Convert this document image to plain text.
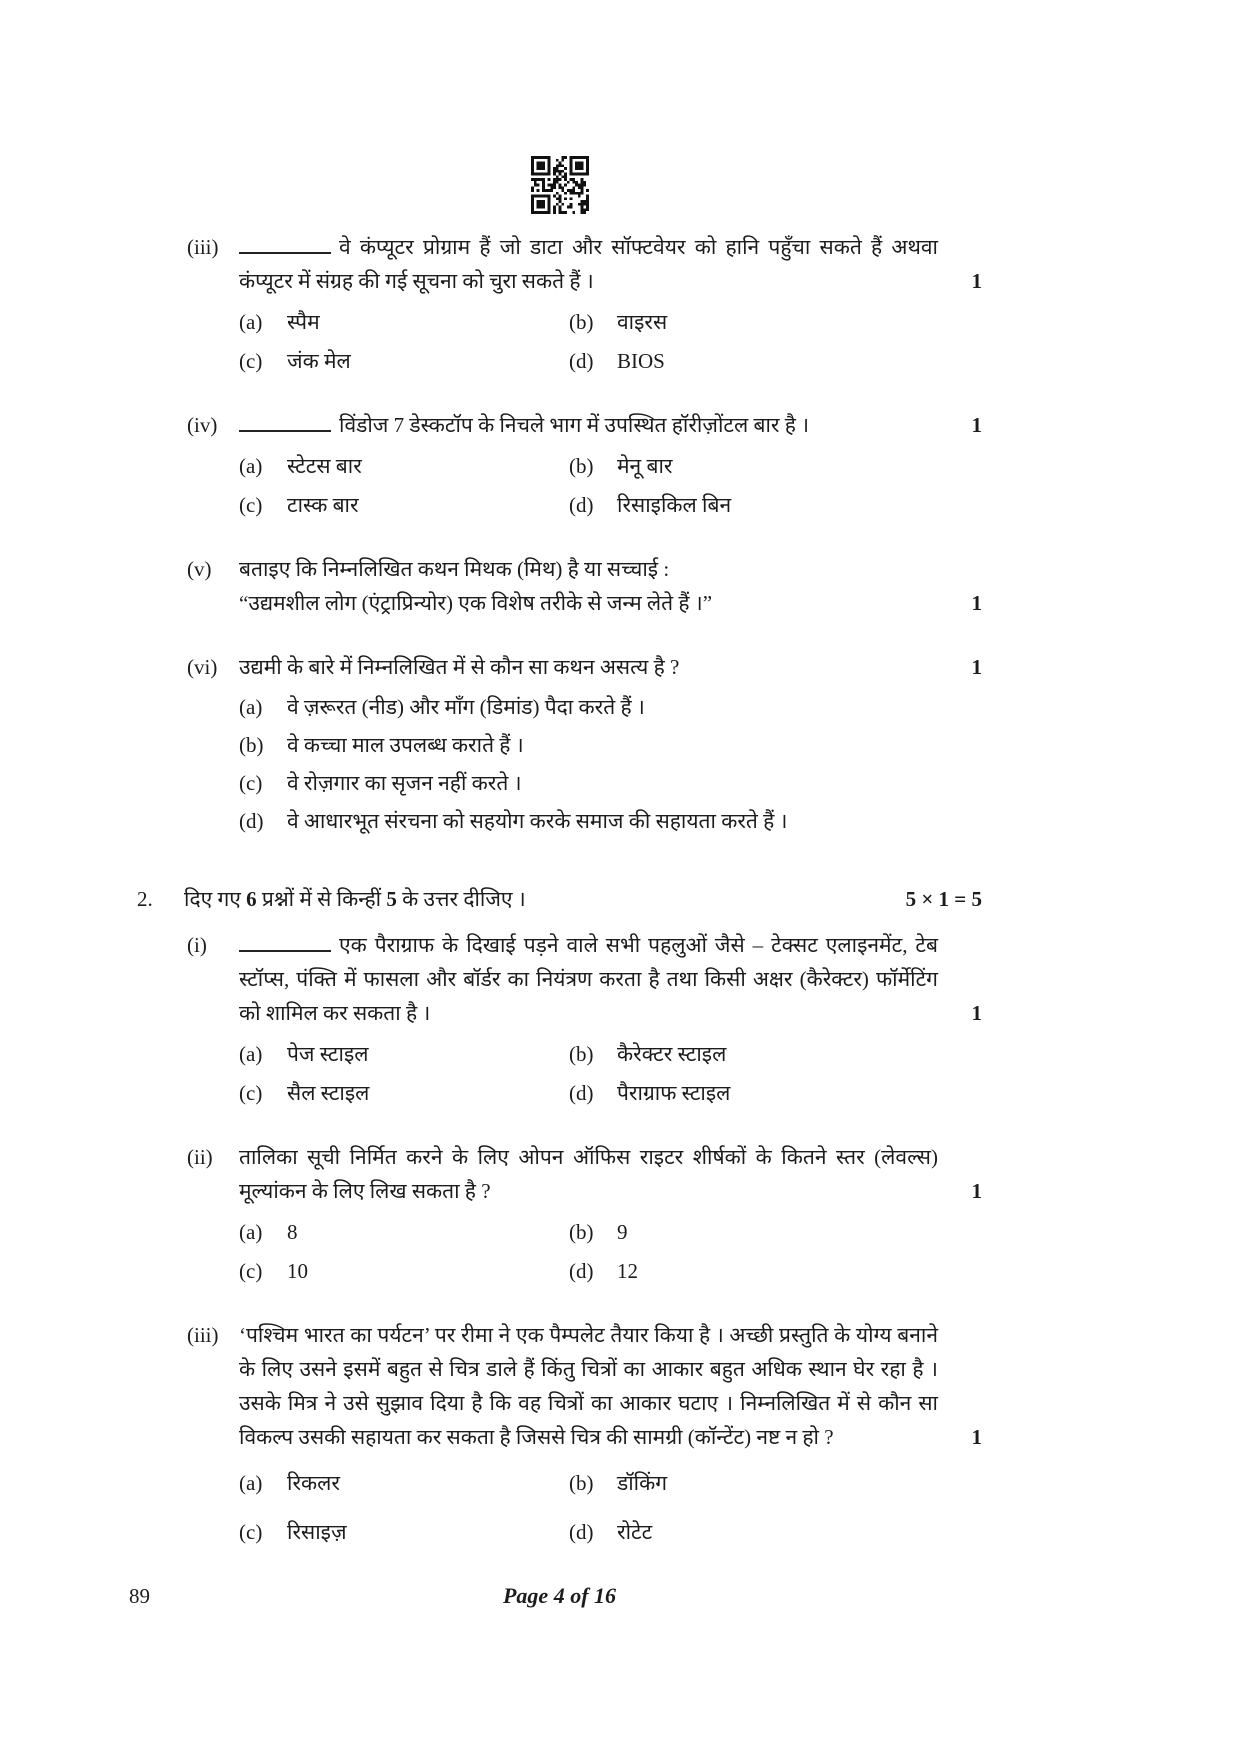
(iii)	वे कंप्यूटर प्रोग्राम हैं जो डाटा और सॉफ्टवेयर को हानि पहुँचा सकते हैं अथवा कंप्यूटर में संग्रह की गई सूचना को चुरा सकते हैं ।	1
(a)	स्पैम	(b)	वाइरस
(c)	जंक मेल	(d)	BIOS
(iv)	विंडोज 7 डेस्कटॉप के निचले भाग में उपस्थित हॉरीज़ोंटल बार है ।	1
(a)	स्टेटस बार	(b)	मेनू बार
(c)	टास्क बार	(d)	रिसाइकिल बिन
(v)	बताइए कि निम्नलिखित कथन मिथक (मिथ) है या सच्चाई :
“उद्यमशील लोग (एंट्राप्रिन्योर) एक विशेष तरीके से जन्म लेते हैं ।”	1
(vi)	उद्यमी के बारे में निम्नलिखित में से कौन सा कथन असत्य है ?	1
(a)	वे ज़रूरत (नीड) और माँग (डिमांड) पैदा करते हैं ।
(b)	वे कच्चा माल उपलब्ध कराते हैं ।
(c)	वे रोज़गार का सृजन नहीं करते ।
(d)	वे आधारभूत संरचना को सहयोग करके समाज की सहायता करते हैं ।
2.	दिए गए 6 प्रश्नों में से किन्हीं 5 के उत्तर दीजिए ।	5 × 1 = 5
(i)	एक पैराग्राफ के दिखाई पड़ने वाले सभी पहलुओं जैसे – टेक्सट एलाइनमेंट, टेब स्टॉप्स, पंक्ति में फासला और बॉर्डर का नियंत्रण करता है तथा किसी अक्षर (कैरेक्टर) फॉर्मेटिंग को शामिल कर सकता है ।	1
(a)	पेज स्टाइल	(b)	कैरेक्टर स्टाइल
(c)	सैल स्टाइल	(d)	पैराग्राफ स्टाइल
(ii)	तालिका सूची निर्मित करने के लिए ओपन ऑफिस राइटर शीर्षकों के कितने स्तर (लेवल्स) मूल्यांकन के लिए लिख सकता है ?	1
(a)	8	(b)	9
(c)	10	(d)	12
(iii) ‘पश्चिम भारत का पर्यटन’ पर रीमा ने एक पैम्पलेट तैयार किया है । अच्छी प्रस्तुति के योग्य बनाने के लिए उसने इसमें बहुत से चित्र डाले हैं किंतु चित्रों का आकार बहुत अधिक स्थान घेर रहा है । उसके मित्र ने उसे सुझाव दिया है कि वह चित्रों का आकार घटाए । निम्नलिखित में से कौन सा विकल्प उसकी सहायता कर सकता है जिससे चित्र की सामग्री (कॉन्टेंट) नष्ट न हो ?	1
(a)	रिकलर	(b)	डॉकिंग
(c)	रिसाइज़	(d)	रोटेट
89	Page 4 of 16
